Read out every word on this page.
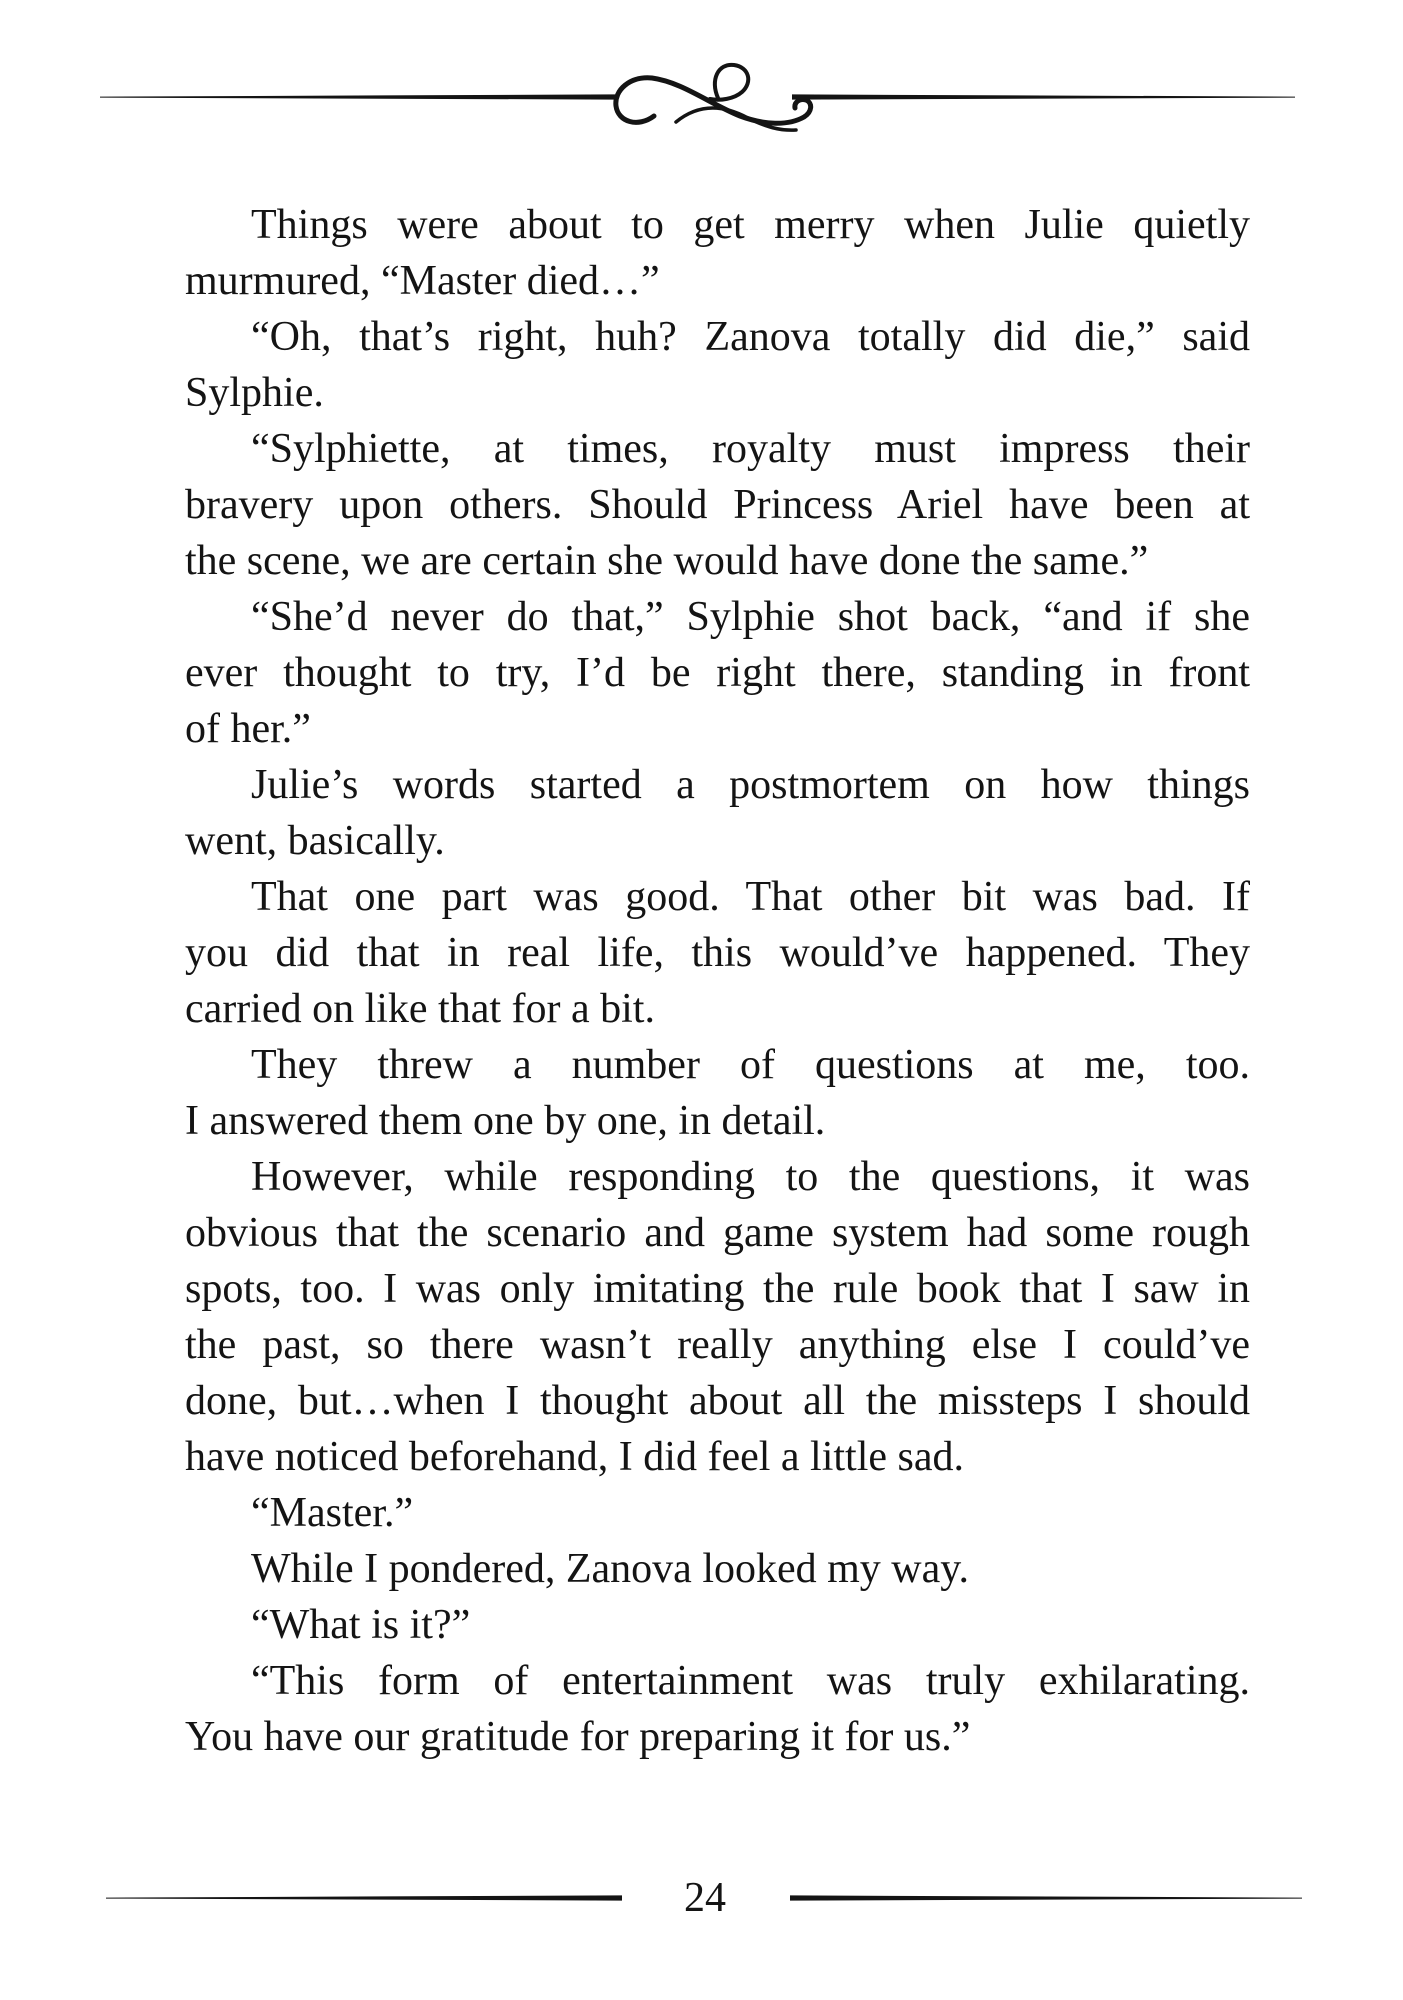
Things were about to get merry when Julie quietly
murmured, “Master died…”
“Oh, that’s right, huh? Zanova totally did die,” said
Sylphie.
“Sylphiette, at times, royalty must impress their
bravery upon others. Should Princess Ariel have been at
the scene, we are certain she would have done the same.”
“She’d never do that,” Sylphie shot back, “and if she
ever thought to try, I’d be right there, standing in front
of her.”
Julie’s words started a postmortem on how things
went, basically.
That one part was good. That other bit was bad. If
you did that in real life, this would’ve happened. They
carried on like that for a bit.
They threw a number of questions at me, too.
I answered them one by one, in detail.
However, while responding to the questions, it was
obvious that the scenario and game system had some rough
spots, too. I was only imitating the rule book that I saw in
the past, so there wasn’t really anything else I could’ve
done, but…when I thought about all the missteps I should
have noticed beforehand, I did feel a little sad.
“Master.”
While I pondered, Zanova looked my way.
“What is it?”
“This form of entertainment was truly exhilarating.
You have our gratitude for preparing it for us.”
24
